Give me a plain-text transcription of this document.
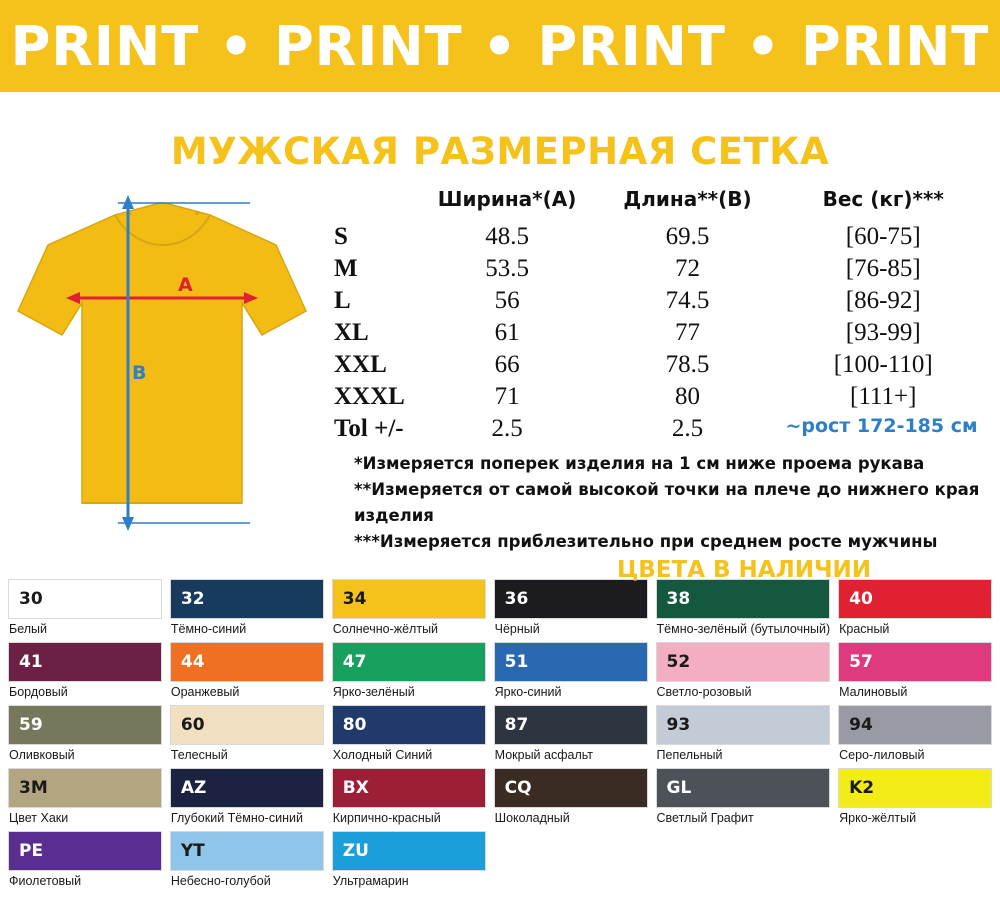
PRINT • PRINT • PRINT • PRINT
МУЖСКАЯ РАЗМЕРНАЯ СЕТКА
A
B
	Ширина*(A)	Длина**(B)	Вес (кг)***
S	48.5	69.5	[60-75]
M	53.5	72	[76-85]
L	56	74.5	[86-92]
XL	61	77	[93-99]
XXL	66	78.5	[100-110]
XXXL	71	80	[111+]
Tol +/-	2.5	2.5		~рост 172-185 см
*Измеряется поперек изделия на 1 см ниже проема рукава
**Измеряется от самой высокой точки на плече до нижнего края изделия
***Измеряется приблезительно при среднем росте мужчины
ЦВЕТА В НАЛИЧИИ
30
Белый
32
Тёмно-синий
34
Солнечно-жёлтый
36
Чёрный
38
Тёмно-зелёный (бутылочный)
40
Красный
41
Бордовый
44
Оранжевый
47
Ярко-зелёный
51
Ярко-синий
52
Светло-розовый
57
Малиновый
59
Оливковый
60
Телесный
80
Холодный Синий
87
Мокрый асфальт
93
Пепельный
94
Серо-лиловый
3M
Цвет Хаки
AZ
Глубокий Тёмно-синий
BX
Кирпично-красный
CQ
Шоколадный
GL
Светлый Графит
K2
Ярко-жёлтый
PE
Фиолетовый
YT
Небесно-голубой
ZU
Ультрамарин
